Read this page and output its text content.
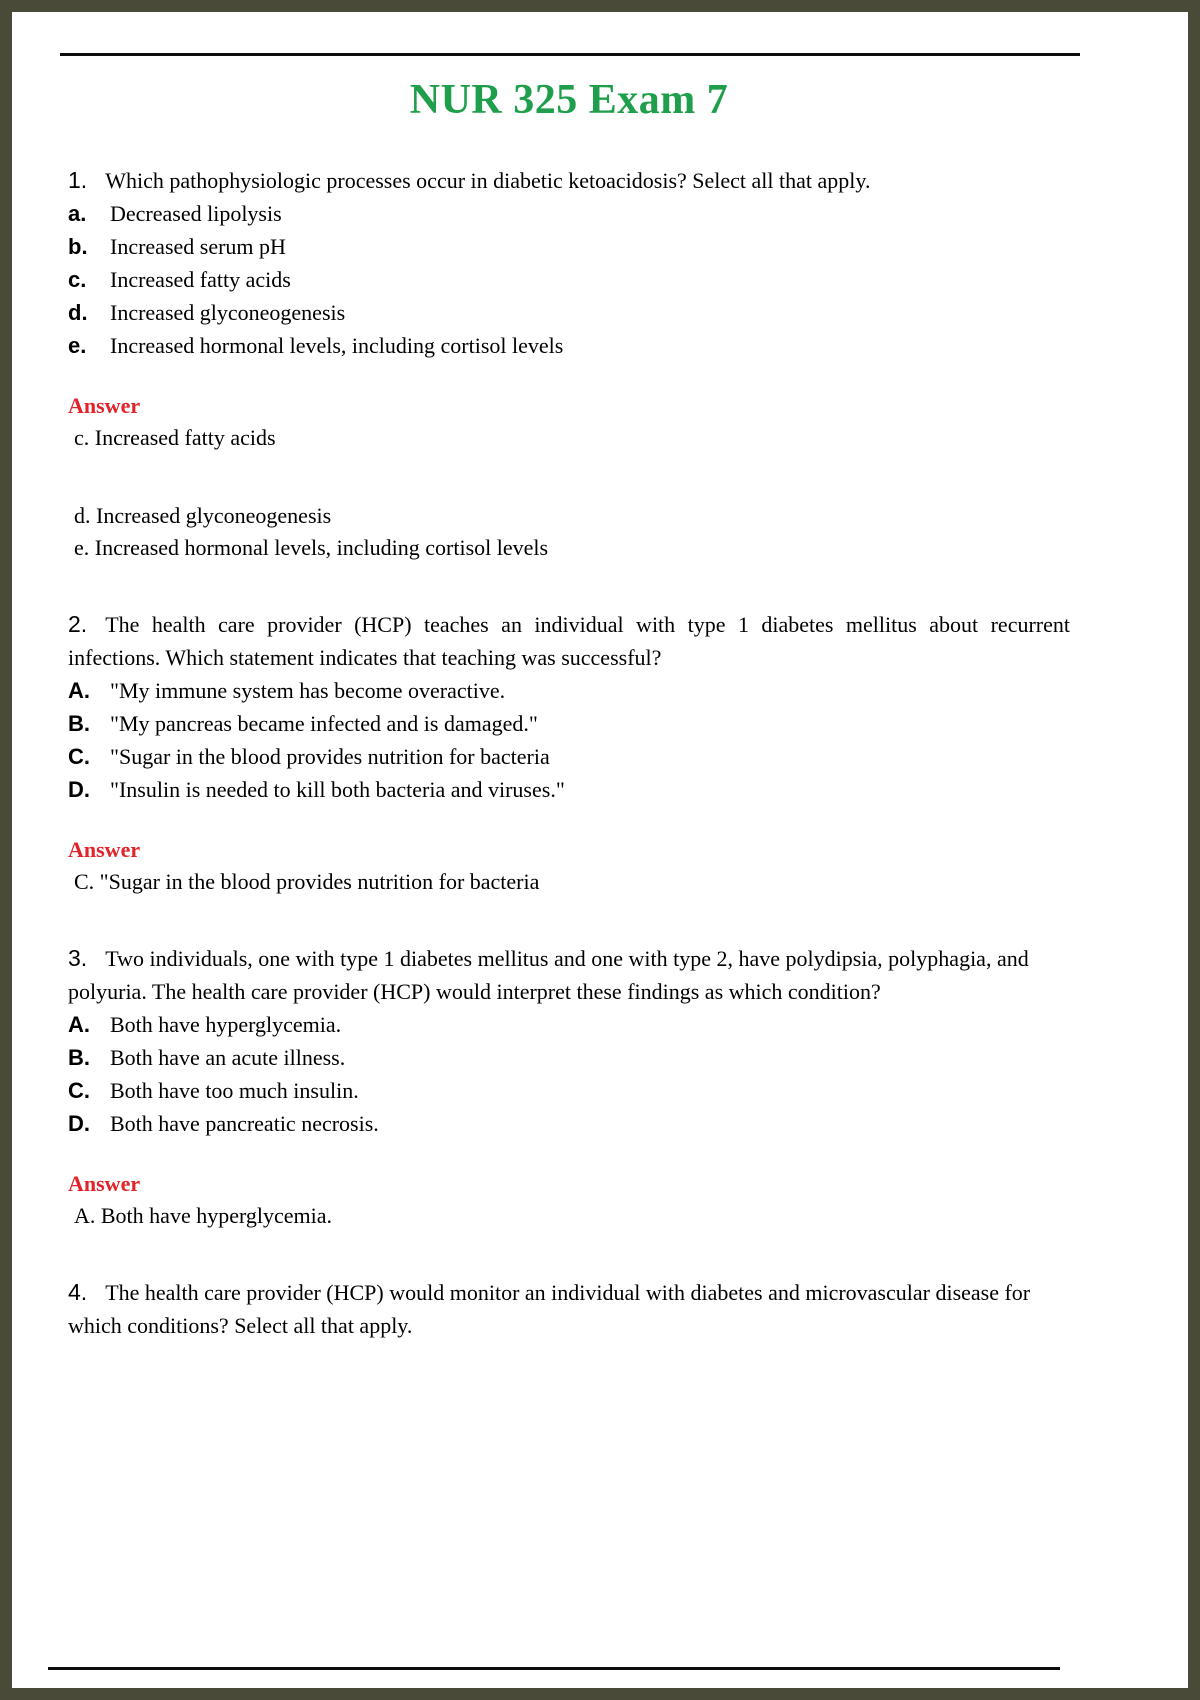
NUR 325 Exam 7

1. Which pathophysiologic processes occur in diabetic ketoacidosis? Select all that apply.

a. Decreased lipolysis
b. Increased serum pH
c. Increased fatty acids
d. Increased glyconeogenesis
e. Increased hormonal levels, including cortisol levels
Answer
c. Increased fatty acids
d. Increased glyconeogenesis
e. Increased hormonal levels, including cortisol levels

2. The health care provider (HCP) teaches an individual with type 1 diabetes mellitus about recurrent infections. Which statement indicates that teaching was successful?

A. "My immune system has become overactive.
B. "My pancreas became infected and is damaged."
C. "Sugar in the blood provides nutrition for bacteria
D. "Insulin is needed to kill both bacteria and viruses."
Answer
C. "Sugar in the blood provides nutrition for bacteria

3. Two individuals, one with type 1 diabetes mellitus and one with type 2, have polydipsia, polyphagia, and polyuria. The health care provider (HCP) would interpret these findings as which condition?

A. Both have hyperglycemia.
B. Both have an acute illness.
C. Both have too much insulin.
D. Both have pancreatic necrosis.
Answer
A. Both have hyperglycemia.

4. The health care provider (HCP) would monitor an individual with diabetes and microvascular disease for which conditions? Select all that apply.
